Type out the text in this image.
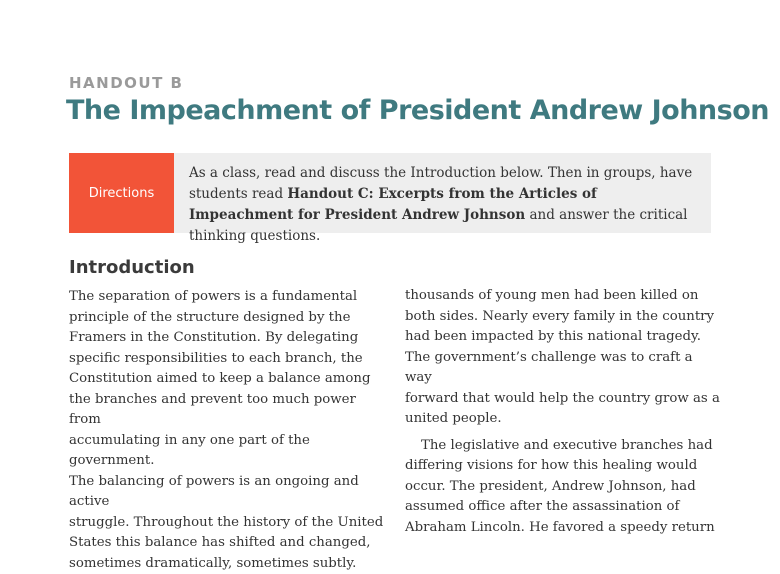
HANDOUT B
The Impeachment of President Andrew Johnson
Directions
As a class, read and discuss the Introduction below. Then in groups, have students read Handout C: Excerpts from the Articles of Impeachment for President Andrew Johnson and answer the critical thinking questions.
Introduction

The separation of powers is a fundamental
principle of the structure designed by the
Framers in the Constitution. By delegating
specific responsibilities to each branch, the
Constitution aimed to keep a balance among
the branches and prevent too much power from
accumulating in any one part of the government.
The balancing of powers is an ongoing and active
struggle. Throughout the history of the United
States this balance has shifted and changed,
sometimes dramatically, sometimes subtly.

thousands of young men had been killed on
both sides. Nearly every family in the country
had been impacted by this national tragedy.
The government’s challenge was to craft a way
forward that would help the country grow as a
united people.

The legislative and executive branches had
differing visions for how this healing would
occur. The president, Andrew Johnson, had
assumed office after the assassination of
Abraham Lincoln. He favored a speedy return
